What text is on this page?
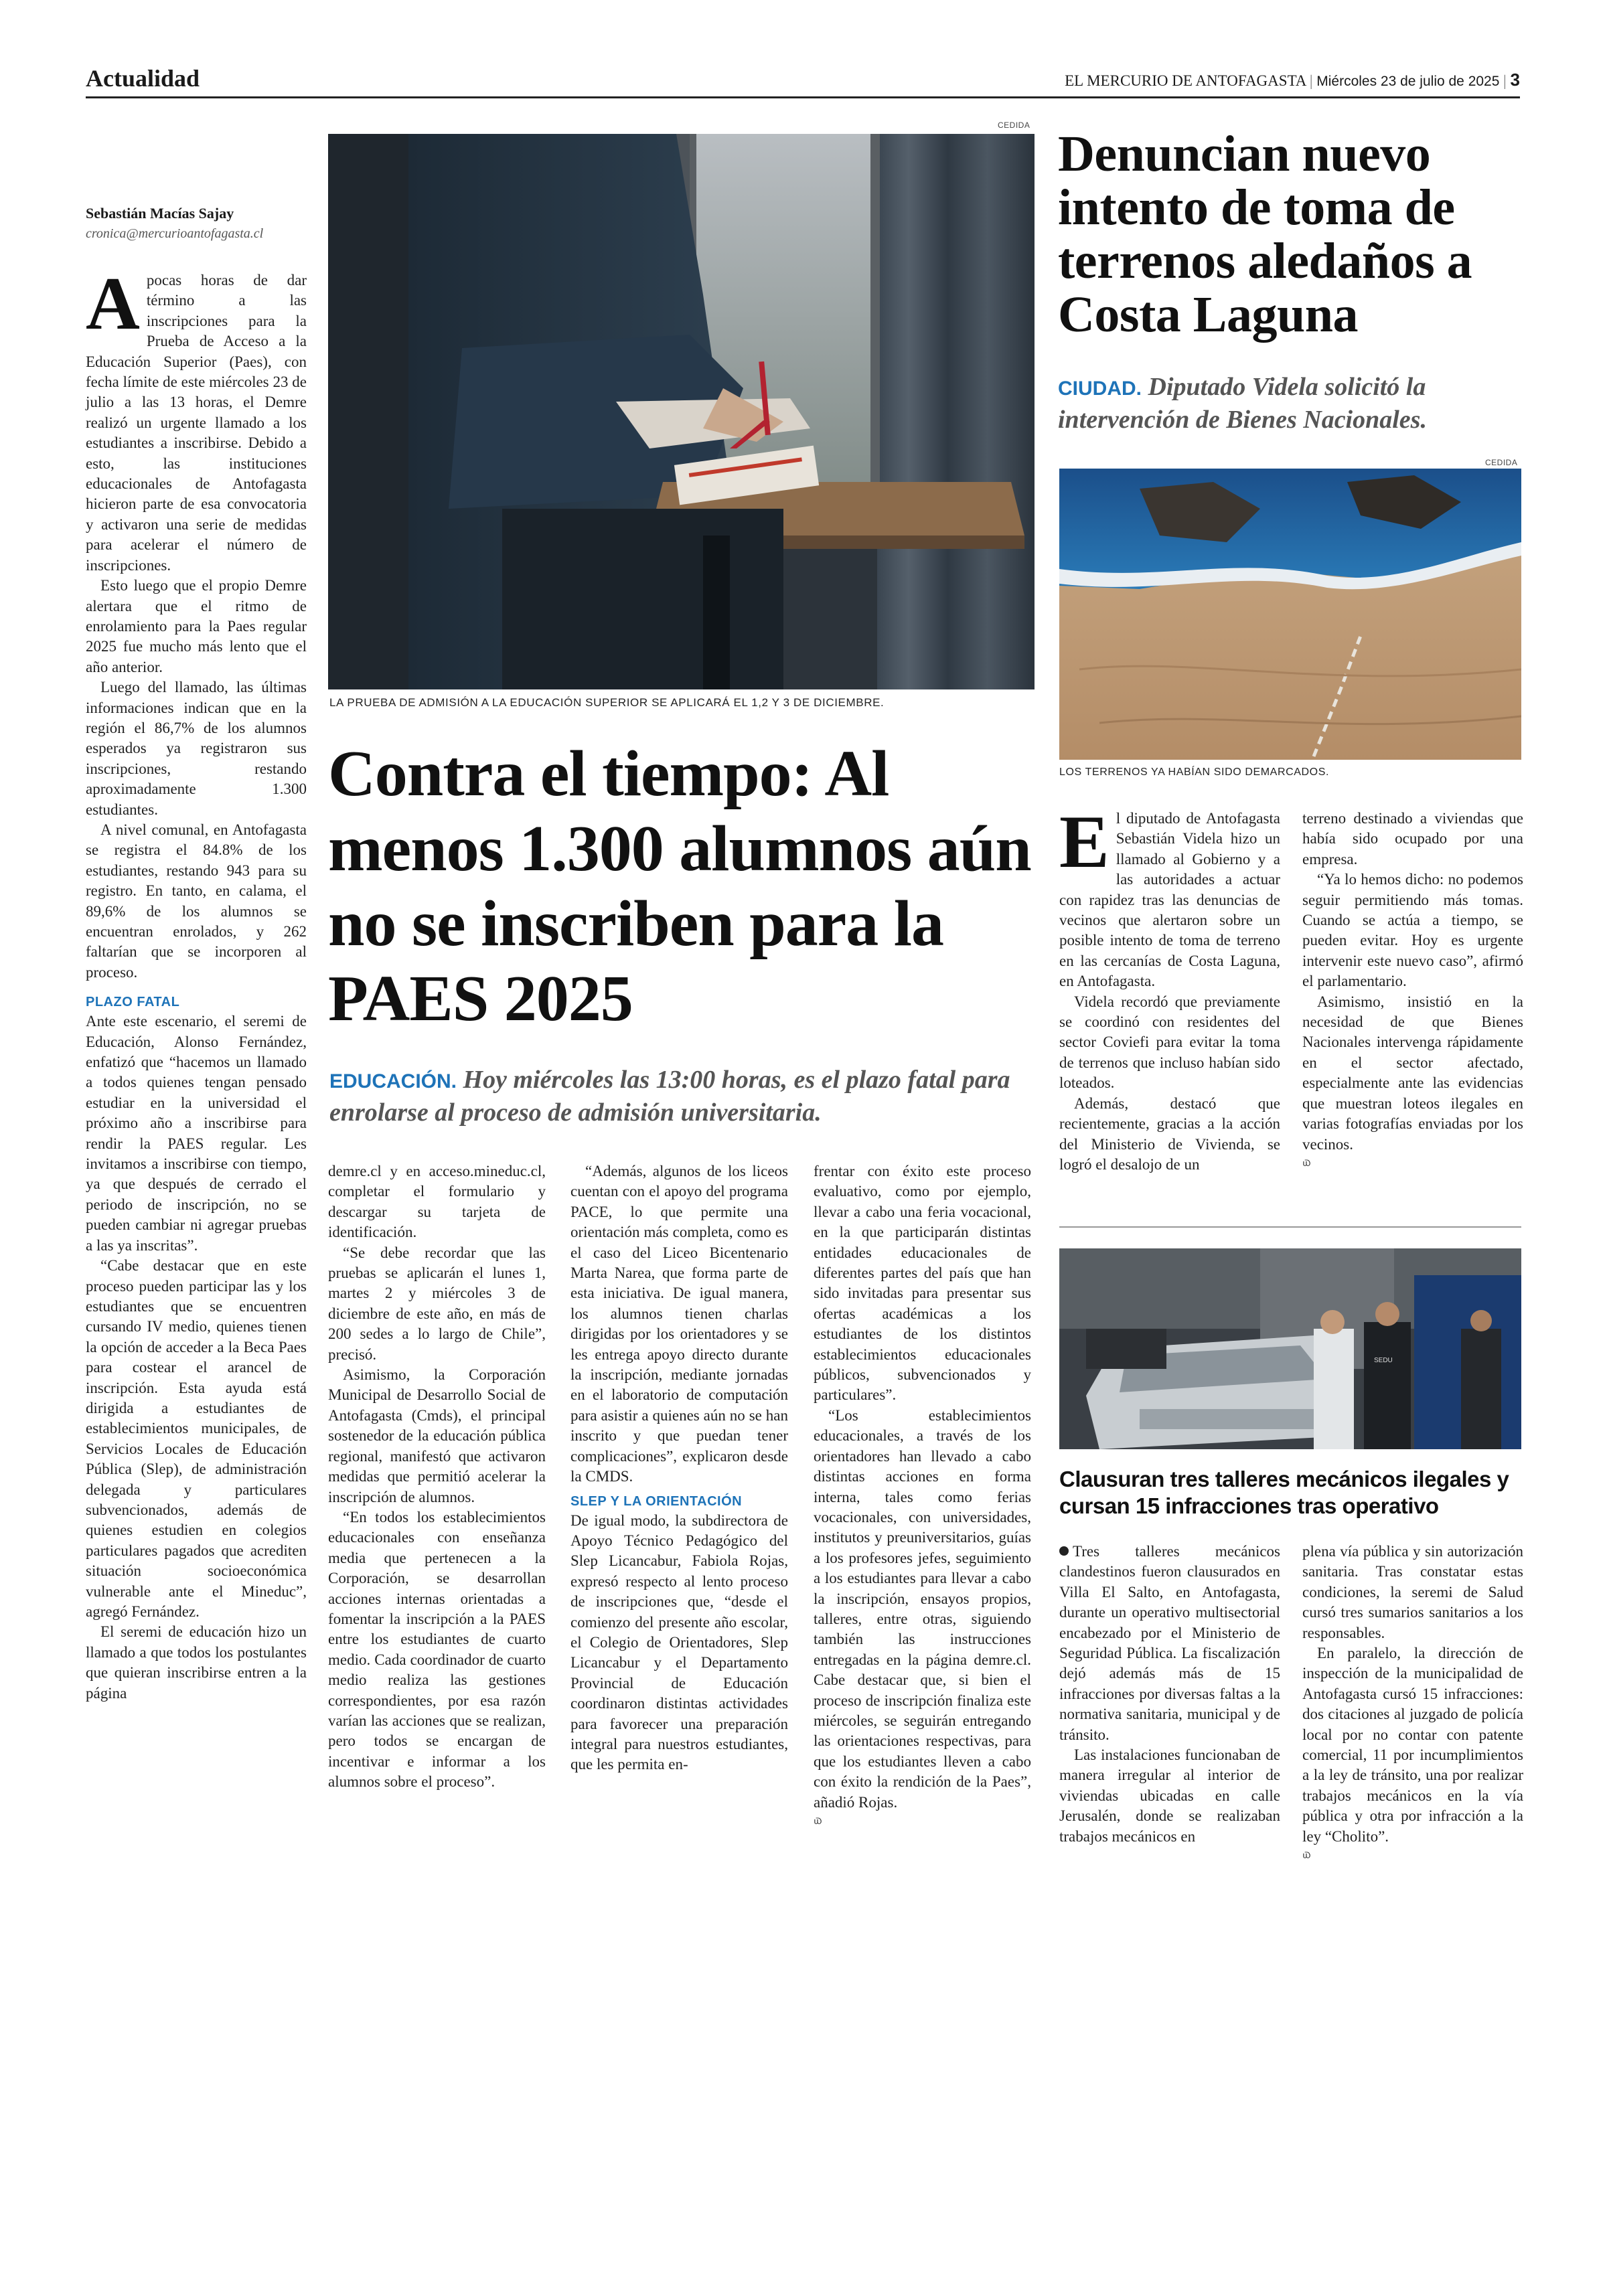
Actualidad	EL MERCURIO DE ANTOFAGASTA | Miércoles 23 de julio de 2025 | 3
CEDIDA
LA PRUEBA DE ADMISIÓN A LA EDUCACIÓN SUPERIOR SE APLICARÁ EL 1,2 Y 3 DE DICIEMBRE.
Contra el tiempo: Al menos 1.300 alumnos aún no se inscriben para la PAES 2025
EDUCACIÓN. Hoy miércoles las 13:00 horas, es el plazo fatal para enrolarse al proceso de admisión universitaria.
Sebastián Macías Sajay
cronica@mercurioantofagasta.cl
A pocas horas de dar término a las inscripciones para la Prueba de Acceso a la Educación Superior (Paes), con fecha límite de este miércoles 23 de julio a las 13 horas, el Demre realizó un urgente llamado a los estudiantes a inscribirse. Debido a esto, las instituciones educacionales de Antofagasta hicieron parte de esa convocatoria y activaron una serie de medidas para acelerar el número de inscripciones.

Esto luego que el propio Demre alertara que el ritmo de enrolamiento para la Paes regular 2025 fue mucho más lento que el año anterior.

Luego del llamado, las últimas informaciones indican que en la región el 86,7% de los alumnos esperados ya registraron sus inscripciones, restando aproximadamente 1.300 estudiantes.

A nivel comunal, en Antofagasta se registra el 84.8% de los estudiantes, restando 943 para su registro. En tanto, en calama, el 89,6% de los alumnos se encuentran enrolados, y 262 faltarían que se incorporen al proceso.

PLAZO FATAL

Ante este escenario, el seremi de Educación, Alonso Fernández, enfatizó que “hacemos un llamado a todos quienes tengan pensado estudiar en la universidad el próximo año a inscribirse para rendir la PAES regular. Les invitamos a inscribirse con tiempo, ya que después de cerrado el periodo de inscripción, no se pueden cambiar ni agregar pruebas a las ya inscritas”.

“Cabe destacar que en este proceso pueden participar las y los estudiantes que se encuentren cursando IV medio, quienes tienen la opción de acceder a la Beca Paes para costear el arancel de inscripción. Esta ayuda está dirigida a estudiantes de establecimientos municipales, de Servicios Locales de Educación Pública (Slep), de administración delegada y particulares subvencionados, además de quienes estudien en colegios particulares pagados que acrediten situación socioeconómica vulnerable ante el Mineduc”, agregó Fernández.

El seremi de educación hizo un llamado a que todos los postulantes que quieran inscribirse entren a la página

demre.cl y en acceso.mineduc.cl, completar el formulario y descargar su tarjeta de identificación.

“Se debe recordar que las pruebas se aplicarán el lunes 1, martes 2 y miércoles 3 de diciembre de este año, en más de 200 sedes a lo largo de Chile”, precisó.

Asimismo, la Corporación Municipal de Desarrollo Social de Antofagasta (Cmds), el principal sostenedor de la educación pública regional, manifestó que activaron medidas que permitió acelerar la inscripción de alumnos.

“En todos los establecimientos educacionales con enseñanza media que pertenecen a la Corporación, se desarrollan acciones internas orientadas a fomentar la inscripción a la PAES entre los estudiantes de cuarto medio. Cada coordinador de cuarto medio realiza las gestiones correspondientes, por esa razón varían las acciones que se realizan, pero todos se encargan de incentivar e informar a los alumnos sobre el proceso”.

“Además, algunos de los liceos cuentan con el apoyo del programa PACE, lo que permite una orientación más completa, como es el caso del Liceo Bicentenario Marta Narea, que forma parte de esta iniciativa. De igual manera, los alumnos tienen charlas dirigidas por los orientadores y se les entrega apoyo directo durante la inscripción, mediante jornadas en el laboratorio de computación para asistir a quienes aún no se han inscrito y que puedan tener complicaciones”, explicaron desde la CMDS.

SLEP Y LA ORIENTACIÓN

De igual modo, la subdirectora de Apoyo Técnico Pedagógico del Slep Licancabur, Fabiola Rojas, expresó respecto al lento proceso de inscripciones que, “desde el comienzo del presente año escolar, el Colegio de Orientadores, Slep Licancabur y el Departamento Provincial de Educación coordinaron distintas actividades para favorecer una preparación integral para nuestros estudiantes, que les permita en-

frentar con éxito este proceso evaluativo, como por ejemplo, llevar a cabo una feria vocacional, en la que participarán distintas entidades educacionales de diferentes partes del país que han sido invitadas para presentar sus ofertas académicas a los estudiantes de los distintos establecimientos educacionales públicos, subvencionados y particulares”.

“Los establecimientos educacionales, a través de los orientadores han llevado a cabo distintas acciones en forma interna, tales como ferias vocacionales, con universidades, institutos y preuniversitarios, guías a los profesores jefes, seguimiento a los estudiantes para llevar a cabo la inscripción, ensayos propios, talleres, entre otras, siguiendo también las instrucciones entregadas en la página demre.cl. Cabe destacar que, si bien el proceso de inscripción finaliza este miércoles, se seguirán entregando las orientaciones respectivas, para que los estudiantes lleven a cabo con éxito la rendición de la Paes”, añadió Rojas.

௰
Denuncian nuevo intento de toma de terrenos aledaños a Costa Laguna
CIUDAD. Diputado Videla solicitó la intervención de Bienes Nacionales.
CEDIDA
LOS TERRENOS YA HABÍAN SIDO DEMARCADOS.
E l diputado de Antofagasta Sebastián Videla hizo un llamado al Gobierno y a las autoridades a actuar con rapidez tras las denuncias de vecinos que alertaron sobre un posible intento de toma de terreno en las cercanías de Costa Laguna, en Antofagasta.

Videla recordó que previamente se coordinó con residentes del sector Coviefi para evitar la toma de terrenos que incluso habían sido loteados.

Además, destacó que recientemente, gracias a la acción del Ministerio de Vivienda, se logró el desalojo de un

terreno destinado a viviendas que había sido ocupado por una empresa.

“Ya lo hemos dicho: no podemos seguir permitiendo más tomas. Cuando se actúa a tiempo, se pueden evitar. Hoy es urgente intervenir este nuevo caso”, afirmó el parlamentario.

Asimismo, insistió en la necesidad de que Bienes Nacionales intervenga rápidamente en el sector afectado, especialmente ante las evidencias que muestran loteos ilegales en varias fotografías enviadas por los vecinos.

௰
SEDU
Clausuran tres talleres mecánicos ilegales y cursan 15 infracciones tras operativo

Tres talleres mecánicos clandestinos fueron clausurados en Villa El Salto, en Antofagasta, durante un operativo multisectorial encabezado por el Ministerio de Seguridad Pública. La fiscalización dejó además más de 15 infracciones por diversas faltas a la normativa sanitaria, municipal y de tránsito.

Las instalaciones funcionaban de manera irregular al interior de viviendas ubicadas en calle Jerusalén, donde se realizaban trabajos mecánicos en

plena vía pública y sin autorización sanitaria. Tras constatar estas condiciones, la seremi de Salud cursó tres sumarios sanitarios a los responsables.

En paralelo, la dirección de inspección de la municipalidad de Antofagasta cursó 15 infracciones: dos citaciones al juzgado de policía local por no contar con patente comercial, 11 por incumplimientos a la ley de tránsito, una por realizar trabajos mecánicos en la vía pública y otra por infracción a la ley “Cholito”.

௰
